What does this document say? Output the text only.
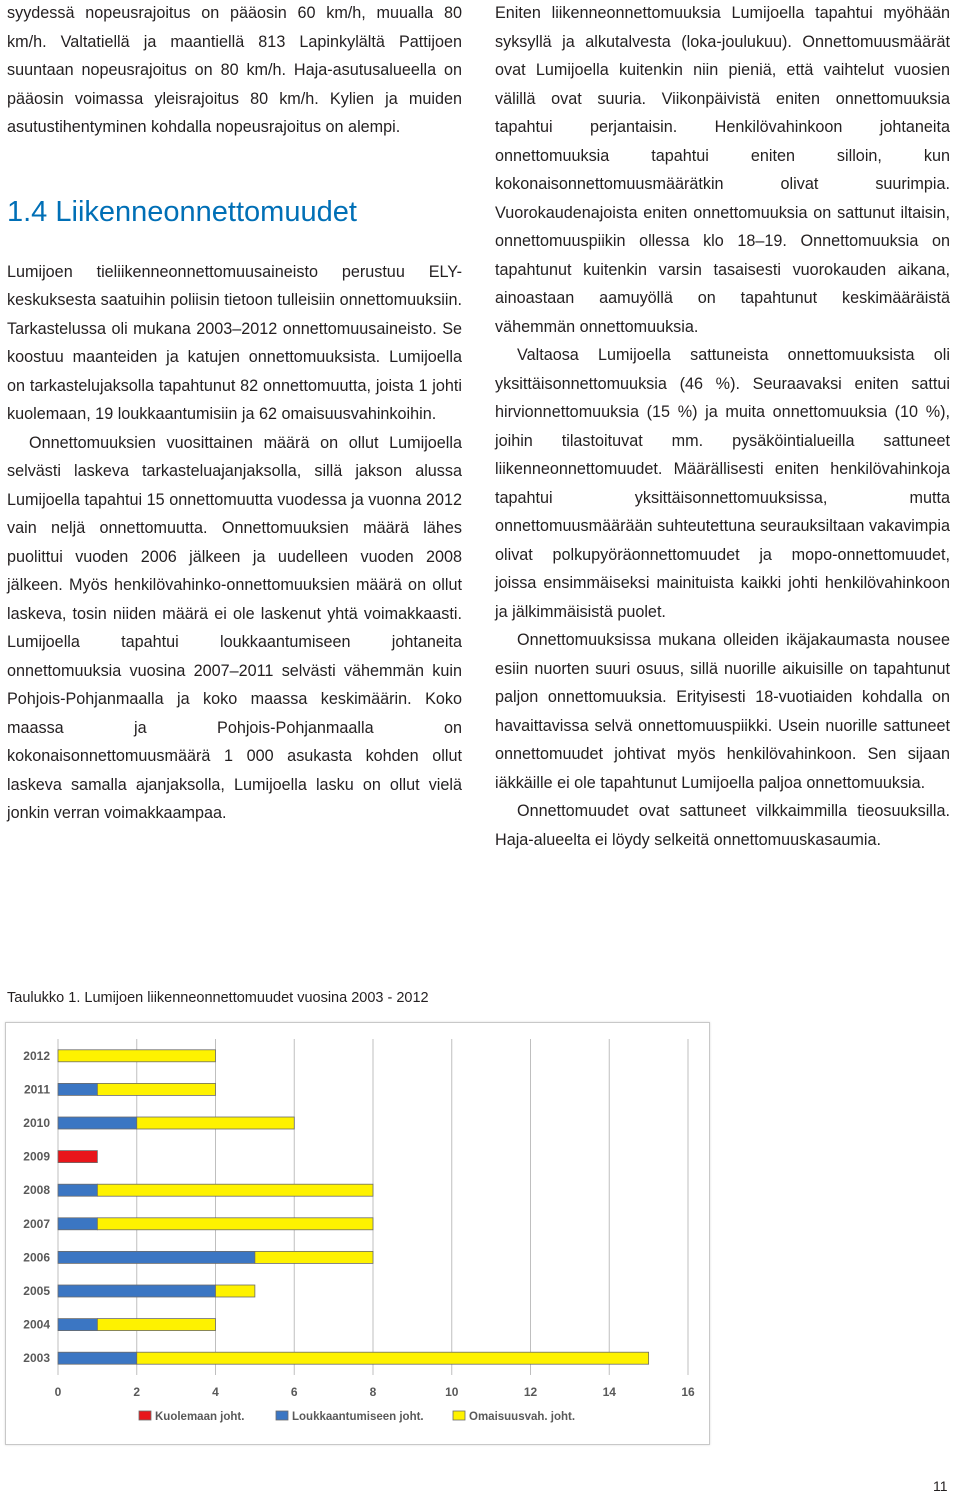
syydessä nopeusrajoitus on pääosin 60 km/h, muualla 80 km/h. Valtatiellä ja maantiellä 813 Lapinkylältä Pattijoen suuntaan nopeusrajoitus on 80 km/h. Haja-asutusalueella on pääosin voimassa yleisrajoitus 80 km/h. Kylien ja muiden asutustihentyminen kohdalla nopeusrajoitus on alempi.

1.4 Liikenneonnettomuudet

Lumijoen tieliikenneonnettomuusaineisto perustuu ELY-keskuksesta saatuihin poliisin tietoon tulleisiin onnettomuuksiin. Tarkastelussa oli mukana 2003–2012 onnettomuusaineisto. Se koostuu maanteiden ja katujen onnettomuuksista. Lumijoella on tarkastelujaksolla tapahtunut 82 onnettomuutta, joista 1 johti kuolemaan, 19 loukkaantumisiin ja 62 omaisuusvahinkoihin.

Onnettomuuksien vuosittainen määrä on ollut Lumijoella selvästi laskeva tarkasteluajanjaksolla, sillä jakson alussa Lumijoella tapahtui 15 onnettomuutta vuodessa ja vuonna 2012 vain neljä onnettomuutta. Onnettomuuksien määrä lähes puolittui vuoden 2006 jälkeen ja uudelleen vuoden 2008 jälkeen. Myös henkilövahinko-onnettomuuksien määrä on ollut laskeva, tosin niiden määrä ei ole laskenut yhtä voimakkaasti. Lumijoella tapahtui loukkaantumiseen johtaneita onnettomuuksia vuosina 2007–2011 selvästi vähemmän kuin Pohjois-Pohjanmaalla ja koko maassa keskimäärin. Koko maassa ja Pohjois-Pohjanmaalla on kokonaisonnettomuusmäärä 1 000 asukasta kohden ollut laskeva samalla ajanjaksolla, Lumijoella lasku on ollut vielä jonkin verran voimakkaampaa.

Eniten liikenneonnettomuuksia Lumijoella tapahtui myöhään syksyllä ja alkutalvesta (loka-joulukuu). Onnettomuusmäärät ovat Lumijoella kuitenkin niin pieniä, että vaihtelut vuosien välillä ovat suuria. Viikonpäivistä eniten onnettomuuksia tapahtui perjantaisin. Henkilövahinkoon johtaneita onnettomuuksia tapahtui eniten silloin, kun kokonaisonnettomuusmäärätkin olivat suurimpia. Vuorokaudenajoista eniten onnettomuuksia on sattunut iltaisin, onnettomuuspiikin ollessa klo 18–19. Onnettomuuksia on tapahtunut kuitenkin varsin tasaisesti vuorokauden aikana, ainoastaan aamuyöllä on tapahtunut keskimääräistä vähemmän onnettomuuksia.

Valtaosa Lumijoella sattuneista onnettomuuksista oli yksittäisonnettomuuksia (46 %). Seuraavaksi eniten sattui hirvionnettomuuksia (15 %) ja muita onnettomuuksia (10 %), joihin tilastoituvat mm. pysäköintialueilla sattuneet liikenneonnettomuudet. Määrällisesti eniten henkilövahinkoja tapahtui yksittäisonnettomuuksissa, mutta onnettomuusmäärään suhteutettuna seurauksiltaan vakavimpia olivat polkupyöräonnettomuudet ja mopo-onnettomuudet, joissa ensimmäiseksi mainituista kaikki johti henkilövahinkoon ja jälkimmäisistä puolet.

Onnettomuuksissa mukana olleiden ikäjakaumasta nousee esiin nuorten suuri osuus, sillä nuorille aikuisille on tapahtunut paljon onnettomuuksia. Erityisesti 18-vuotiaiden kohdalla on havaittavissa selvä onnettomuuspiikki. Usein nuorille sattuneet onnettomuudet johtivat myös henkilövahinkoon. Sen sijaan iäkkäille ei ole tapahtunut Lumijoella paljoa onnettomuuksia.

Onnettomuudet ovat sattuneet vilkkaimmilla tieosuuksilla. Haja-alueelta ei löydy selkeitä onnettomuuskasaumia.

Taulukko 1. Lumijoen liikenneonnettomuudet vuosina 2003 - 2012
0	2	4	6	8	10	12	14	16
2012
2011
2010
2009
2008
2007
2006
2005
2004
2003
Kuolemaan joht.	Loukkaantumiseen joht.	Omaisuusvah. joht.
11
